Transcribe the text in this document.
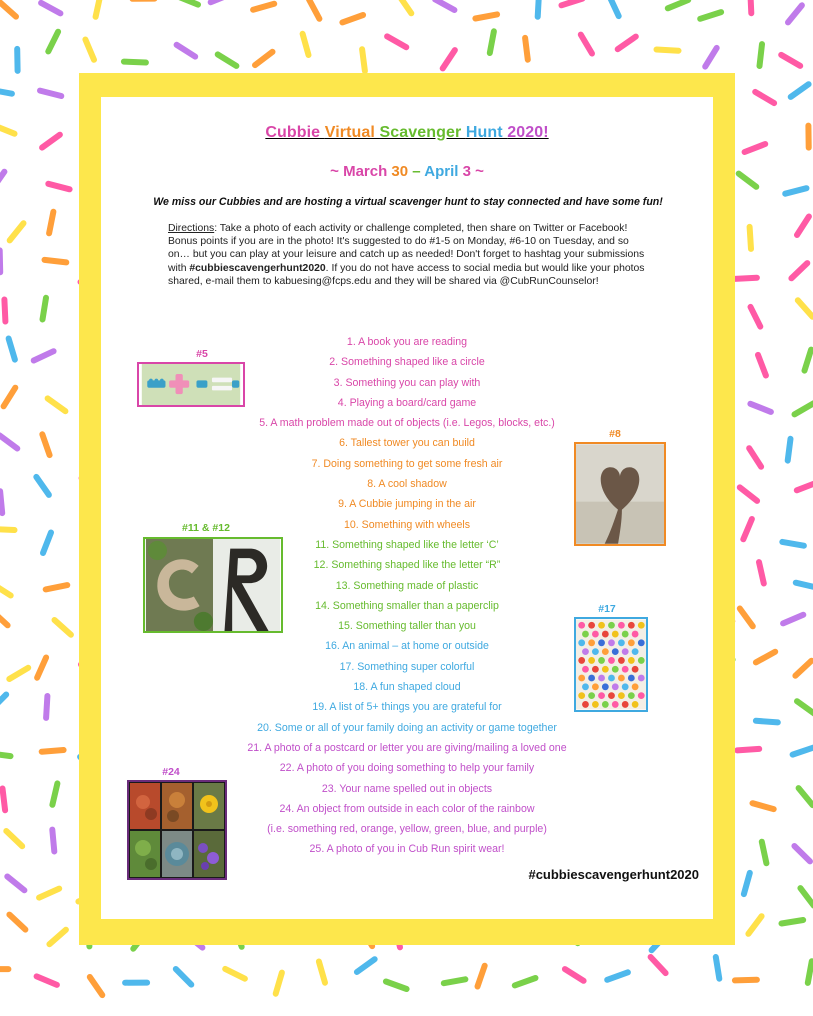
Cubbie Virtual Scavenger Hunt 2020!
~ March 30 – April 3 ~
We miss our Cubbies and are hosting a virtual scavenger hunt to stay connected and have some fun!
Directions: Take a photo of each activity or challenge completed, then share on Twitter or Facebook! Bonus points if you are in the photo! It's suggested to do #1-5 on Monday, #6-10 on Tuesday, and so on… but you can play at your leisure and catch up as needed! Don't forget to hashtag your submissions with #cubbiescavengerhunt2020. If you do not have access to social media but would like your photos shared, e-mail them to kabuesing@fcps.edu and they will be shared via @CubRunCounselor!
1. A book you are reading
2. Something shaped like a circle
3. Something you can play with
4. Playing a board/card game
5. A math problem made out of objects (i.e. Legos, blocks, etc.)
6. Tallest tower you can build
7. Doing something to get some fresh air
8. A cool shadow
9. A Cubbie jumping in the air
10. Something with wheels
11. Something shaped like the letter ‘C’
12. Something shaped like the letter “R”
13. Something made of plastic
14. Something smaller than a paperclip
15. Something taller than you
16. An animal – at home or outside
17. Something super colorful
18. A fun shaped cloud
19. A list of 5+ things you are grateful for
20. Some or all of your family doing an activity or game together
21. A photo of a postcard or letter you are giving/mailing a loved one
22. A photo of you doing something to help your family
23. Your name spelled out in objects
24. An object from outside in each color of the rainbow
(i.e. something red, orange, yellow, green, blue, and purple)
25. A photo of you in Cub Run spirit wear!
#cubbiescavengerhunt2020
#5
#8
#11 & #12
#17
#24
